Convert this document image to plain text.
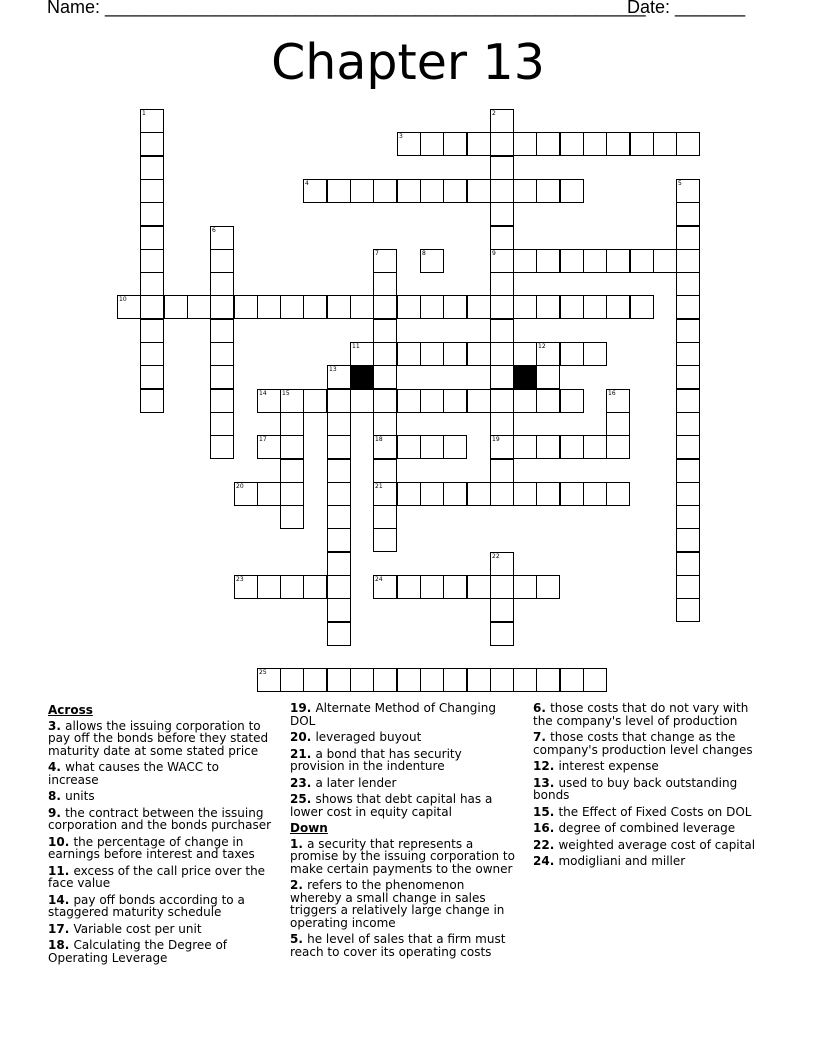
Name: ______________________________________________________
Date: _______
Chapter 13
1	2
9
19
3
4	5
6
7
18
21
8
10
11	12
13
14	15	16
17
20
22
23	24
25
Across
3. allows the issuing corporation to pay off the bonds before they stated maturity date at some stated price
4. what causes the WACC to increase
8. units
9. the contract between the issuing corporation and the bonds purchaser
10. the percentage of change in earnings before interest and taxes
11. excess of the call price over the face value
14. pay off bonds according to a staggered maturity schedule
17. Variable cost per unit
18. Calculating the Degree of Operating Leverage
19. Alternate Method of Changing DOL
20. leveraged buyout
21. a bond that has security provision in the indenture
23. a later lender
25. shows that debt capital has a lower cost in equity capital
Down
1. a security that represents a promise by the issuing corporation to make certain payments to the owner
2. refers to the phenomenon whereby a small change in sales triggers a relatively large change in operating income
5. he level of sales that a firm must reach to cover its operating costs
6. those costs that do not vary with the company's level of production
7. those costs that change as the company's production level changes
12. interest expense
13. used to buy back outstanding bonds
15. the Effect of Fixed Costs on DOL
16. degree of combined leverage
22. weighted average cost of capital
24. modigliani and miller
